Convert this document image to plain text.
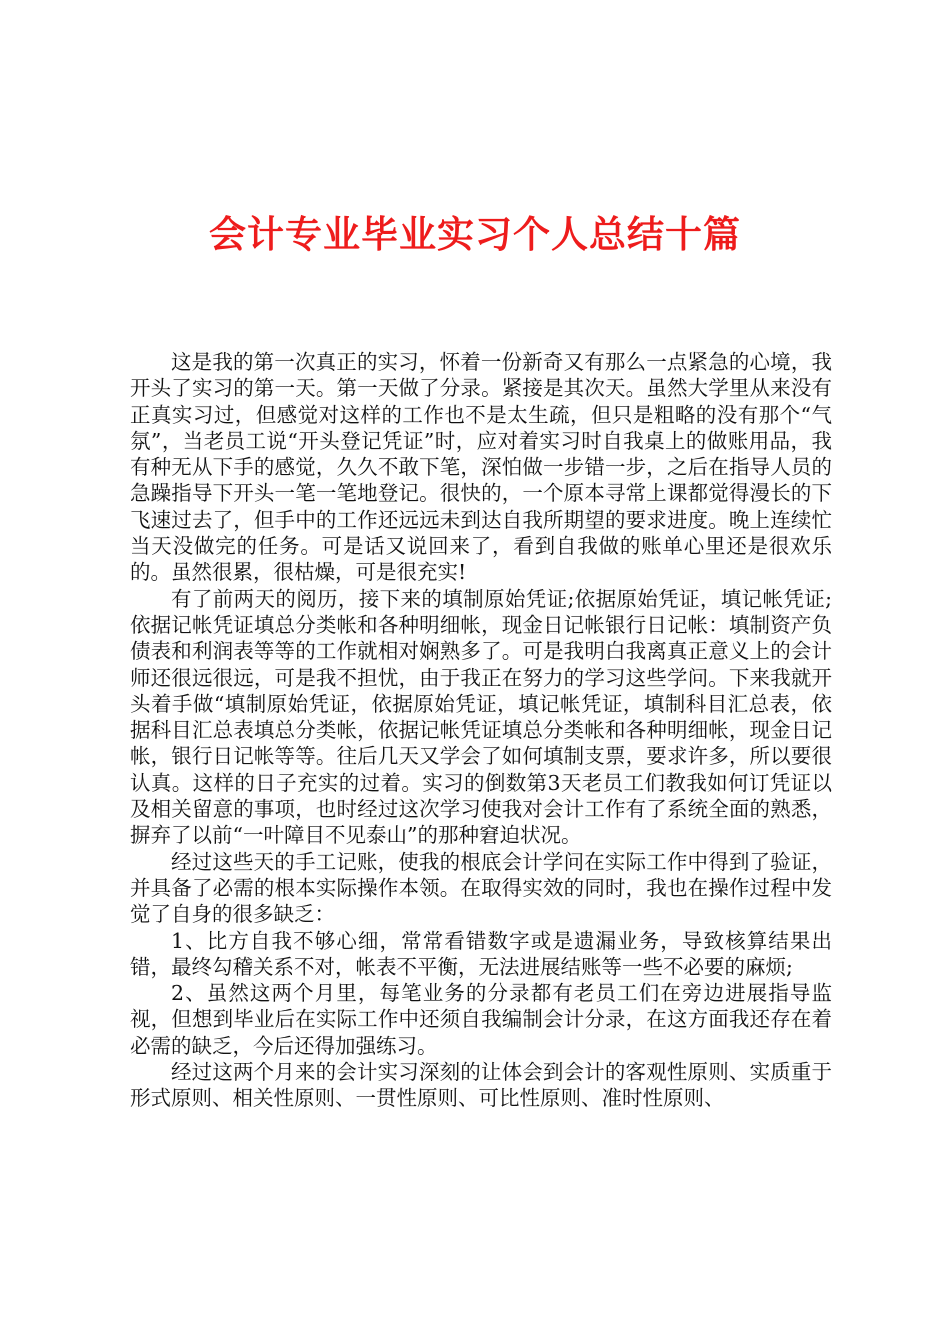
会计专业毕业实习个人总结十篇

这是我的第一次真正的实习，怀着一份新奇又有那么一点紧急的心境，我开头了实习的第一天。第一天做了分录。紧接是其次天。虽然大学里从来没有正真实习过，但感觉对这样的工作也不是太生疏，但只是粗略的没有那个“气氛”，当老员工说“开头登记凭证”时，应对着实习时自我桌上的做账用品，我有种无从下手的感觉，久久不敢下笔，深怕做一步错一步，之后在指导人员的急躁指导下开头一笔一笔地登记。很快的，一个原本寻常上课都觉得漫长的下飞速过去了，但手中的工作还远远未到达自我所期望的要求进度。晚上连续忙当天没做完的任务。可是话又说回来了，看到自我做的账单心里还是很欢乐的。虽然很累，很枯燥，可是很充实!

有了前两天的阅历，接下来的填制原始凭证;依据原始凭证，填记帐凭证;依据记帐凭证填总分类帐和各种明细帐，现金日记帐银行日记帐：填制资产负债表和利润表等等的工作就相对娴熟多了。可是我明白我离真正意义上的会计师还很远很远，可是我不担忧，由于我正在努力的学习这些学问。下来我就开头着手做“填制原始凭证，依据原始凭证，填记帐凭证，填制科目汇总表，依据科目汇总表填总分类帐，依据记帐凭证填总分类帐和各种明细帐，现金日记帐，银行日记帐等等。往后几天又学会了如何填制支票，要求许多，所以要很认真。这样的日子充实的过着。实习的倒数第3天老员工们教我如何订凭证以及相关留意的事项，也时经过这次学习使我对会计工作有了系统全面的熟悉，摒弃了以前“一叶障目不见泰山”的那种窘迫状况。

经过这些天的手工记账，使我的根底会计学问在实际工作中得到了验证，并具备了必需的根本实际操作本领。在取得实效的同时，我也在操作过程中发觉了自身的很多缺乏：

1、比方自我不够心细，常常看错数字或是遗漏业务，导致核算结果出错，最终勾稽关系不对，帐表不平衡，无法进展结账等一些不必要的麻烦;

2、虽然这两个月里，每笔业务的分录都有老员工们在旁边进展指导监视，但想到毕业后在实际工作中还须自我编制会计分录，在这方面我还存在着必需的缺乏，今后还得加强练习。

经过这两个月来的会计实习深刻的让体会到会计的客观性原则、实质重于形式原则、相关性原则、一贯性原则、可比性原则、准时性原则、
